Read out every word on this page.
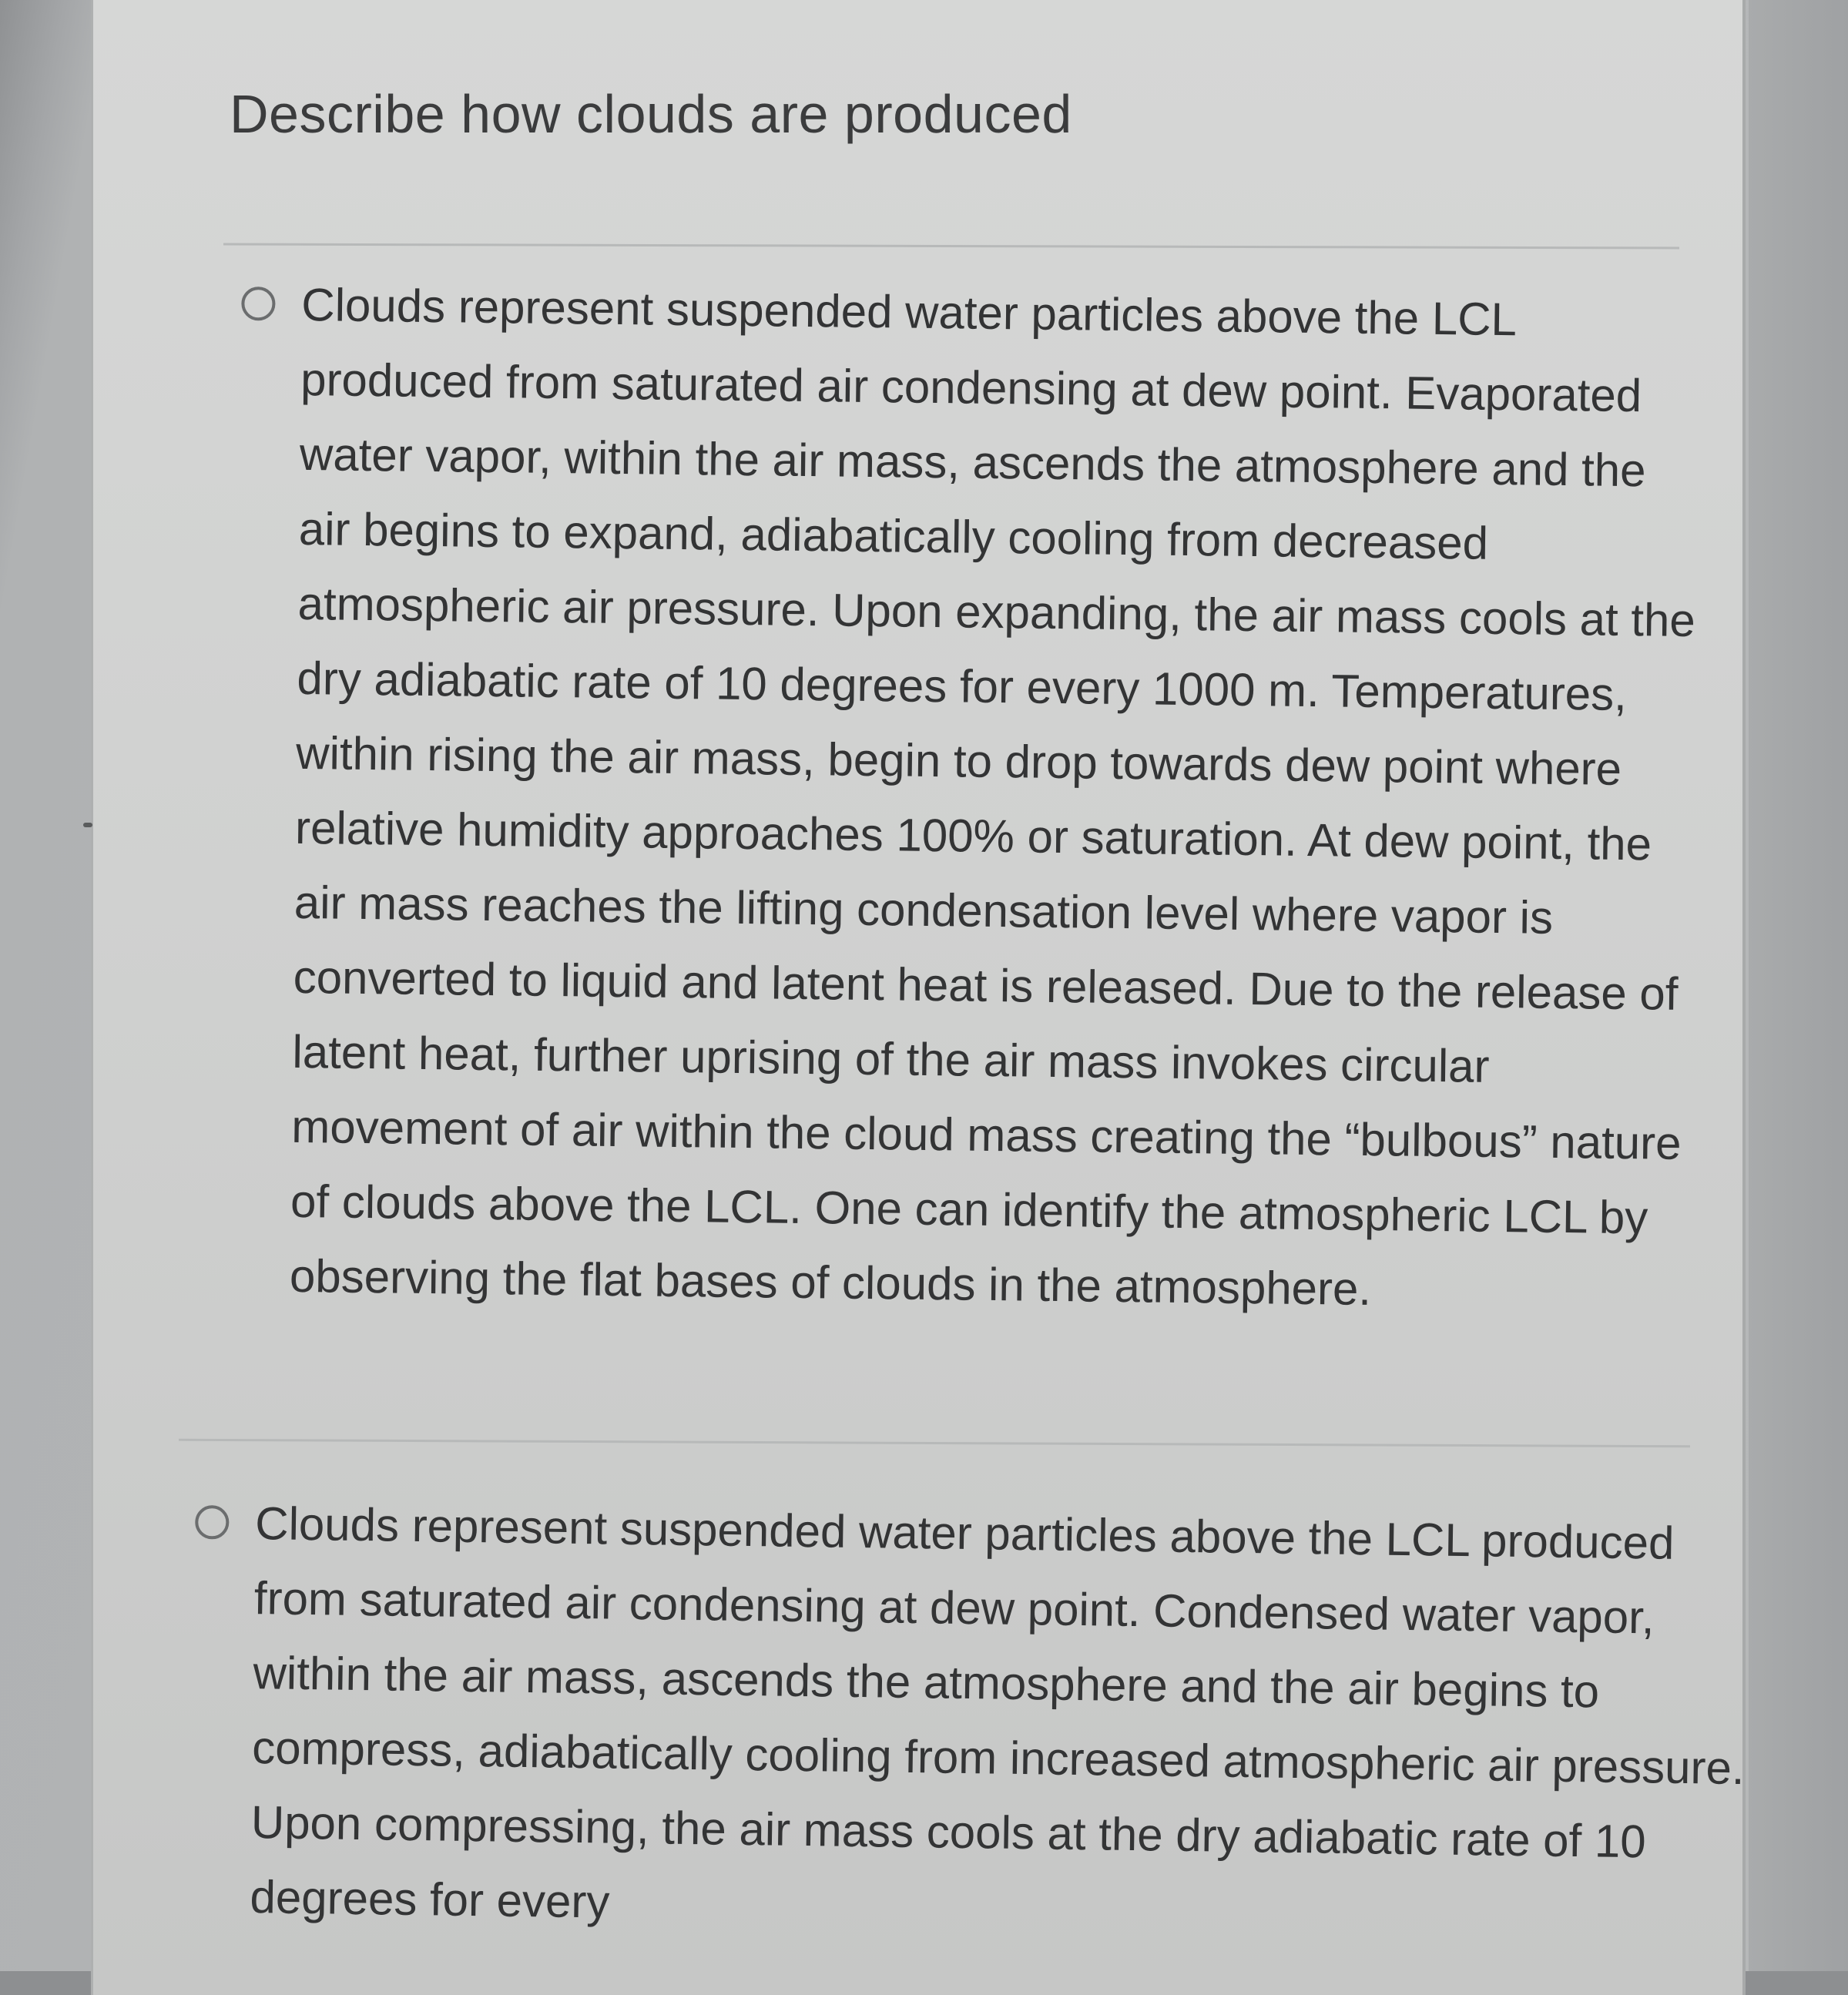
Describe how clouds are produced

Clouds represent suspended water particles above the LCL produced from saturated air condensing at dew point. Evaporated water vapor, within the air mass, ascends the atmosphere and the air begins to expand, adiabatically cooling from decreased atmospheric air pressure. Upon expanding, the air mass cools at the dry adiabatic rate of 10 degrees for every 1000 m. Temperatures, within rising the air mass, begin to drop towards dew point where relative humidity approaches 100% or saturation. At dew point, the air mass reaches the lifting condensation level where vapor is converted to liquid and latent heat is released. Due to the release of latent heat, further uprising of the air mass invokes circular movement of air within the cloud mass creating the “bulbous” nature of clouds above the LCL. One can identify the atmospheric LCL by observing the flat bases of clouds in the atmosphere.

Clouds represent suspended water particles above the LCL produced from saturated air condensing at dew point. Condensed water vapor, within the air mass, ascends the atmosphere and the air begins to compress, adiabatically cooling from increased atmospheric air pressure. Upon compressing, the air mass cools at the dry adiabatic rate of 10 degrees for every
